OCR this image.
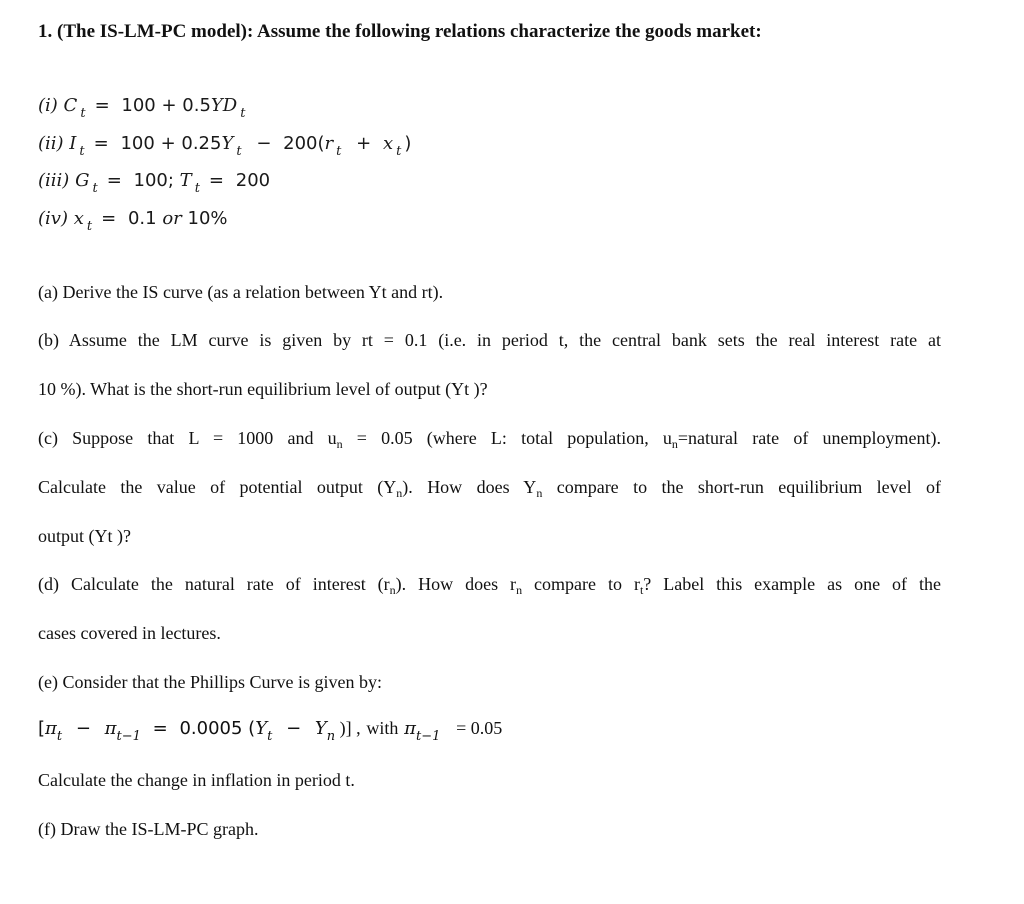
1. (The IS-LM-PC model): Assume the following relations characterize the goods market:
(i) C $_t$ = 100 + 0.5YD $_t$
(ii) I $_t$ = 100 + 0.25Y $_t$ − 200(r $_t$ + x $_t$ )
(iii) G $_t$ = 100; T $_t$ = 200
(iv) x $_t$ = 0.1 or 10%
(a) Derive the IS curve (as a relation between Yt and rt).
(b) Assume the LM curve is given by rt = 0.1 (i.e. in period t, the central bank sets the real interest rate at
10 %). What is the short-run equilibrium level of output (Yt )?
(c) Suppose that L = 1000 and $u_n = 0.05$ (where L: total population, $u_n=natural$ rate of unemployment).
Calculate the value of potential output $(Y_n)$. How does $Y_n$ compare to the short-run equilibrium level of
output (Yt )?
(d) Calculate the natural rate of interest $(r_n)$. How does $r_n$ compare to $r_t$? Label this example as one of the
cases covered in lectures.
(e) Consider that the Phillips Curve is given by:
[$\pi_t - \pi_{t-1} = 0.0005$ ($Y_t - Y_n$ )] , with $\pi_{t-1} = 0.05$
Calculate the change in inflation in period t.
(f) Draw the IS-LM-PC graph.
